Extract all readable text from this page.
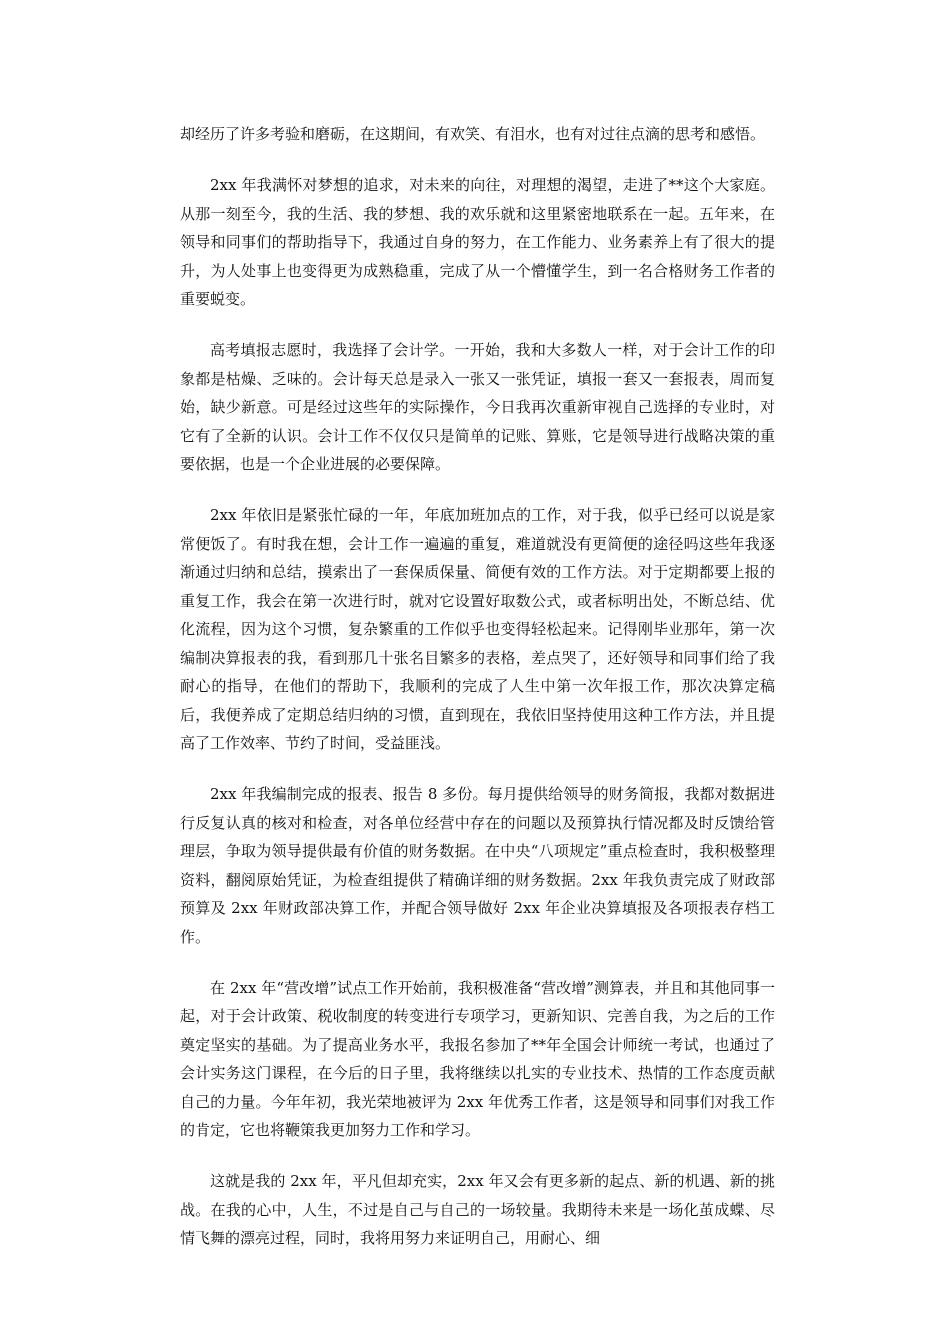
却经历了许多考验和磨砺，在这期间，有欢笑、有泪水，也有对过往点滴的思考和感悟。

2xx 年我满怀对梦想的追求，对未来的向往，对理想的渴望，走进了**这个大家庭。从那一刻至今，我的生活、我的梦想、我的欢乐就和这里紧密地联系在一起。五年来，在领导和同事们的帮助指导下，我通过自身的努力，在工作能力、业务素养上有了很大的提升，为人处事上也变得更为成熟稳重，完成了从一个懵懂学生，到一名合格财务工作者的重要蜕变。

高考填报志愿时，我选择了会计学。一开始，我和大多数人一样，对于会计工作的印象都是枯燥、乏味的。会计每天总是录入一张又一张凭证，填报一套又一套报表，周而复始，缺少新意。可是经过这些年的实际操作，今日我再次重新审视自己选择的专业时，对它有了全新的认识。会计工作不仅仅只是简单的记账、算账，它是领导进行战略决策的重要依据，也是一个企业进展的必要保障。

2xx 年依旧是紧张忙碌的一年，年底加班加点的工作，对于我，似乎已经可以说是家常便饭了。有时我在想，会计工作一遍遍的重复，难道就没有更简便的途径吗这些年我逐渐通过归纳和总结，摸索出了一套保质保量、简便有效的工作方法。对于定期都要上报的重复工作，我会在第一次进行时，就对它设置好取数公式，或者标明出处，不断总结、优化流程，因为这个习惯，复杂繁重的工作似乎也变得轻松起来。记得刚毕业那年，第一次编制决算报表的我，看到那几十张名目繁多的表格，差点哭了，还好领导和同事们给了我耐心的指导，在他们的帮助下，我顺利的完成了人生中第一次年报工作，那次决算定稿后，我便养成了定期总结归纳的习惯，直到现在，我依旧坚持使用这种工作方法，并且提高了工作效率、节约了时间，受益匪浅。

2xx 年我编制完成的报表、报告 8 多份。每月提供给领导的财务简报，我都对数据进行反复认真的核对和检查，对各单位经营中存在的问题以及预算执行情况都及时反馈给管理层，争取为领导提供最有价值的财务数据。在中央“八项规定”重点检查时，我积极整理资料，翻阅原始凭证，为检查组提供了精确详细的财务数据。2xx 年我负责完成了财政部预算及 2xx 年财政部决算工作，并配合领导做好 2xx 年企业决算填报及各项报表存档工作。

在 2xx 年“营改增”试点工作开始前，我积极准备“营改增”测算表，并且和其他同事一起，对于会计政策、税收制度的转变进行专项学习，更新知识、完善自我，为之后的工作奠定坚实的基础。为了提高业务水平，我报名参加了**年全国会计师统一考试，也通过了会计实务这门课程，在今后的日子里，我将继续以扎实的专业技术、热情的工作态度贡献自己的力量。今年年初，我光荣地被评为 2xx 年优秀工作者，这是领导和同事们对我工作的肯定，它也将鞭策我更加努力工作和学习。

这就是我的 2xx 年，平凡但却充实，2xx 年又会有更多新的起点、新的机遇、新的挑战。在我的心中，人生，不过是自己与自己的一场较量。我期待未来是一场化茧成蝶、尽情飞舞的漂亮过程，同时，我将用努力来证明自己，用耐心、细
